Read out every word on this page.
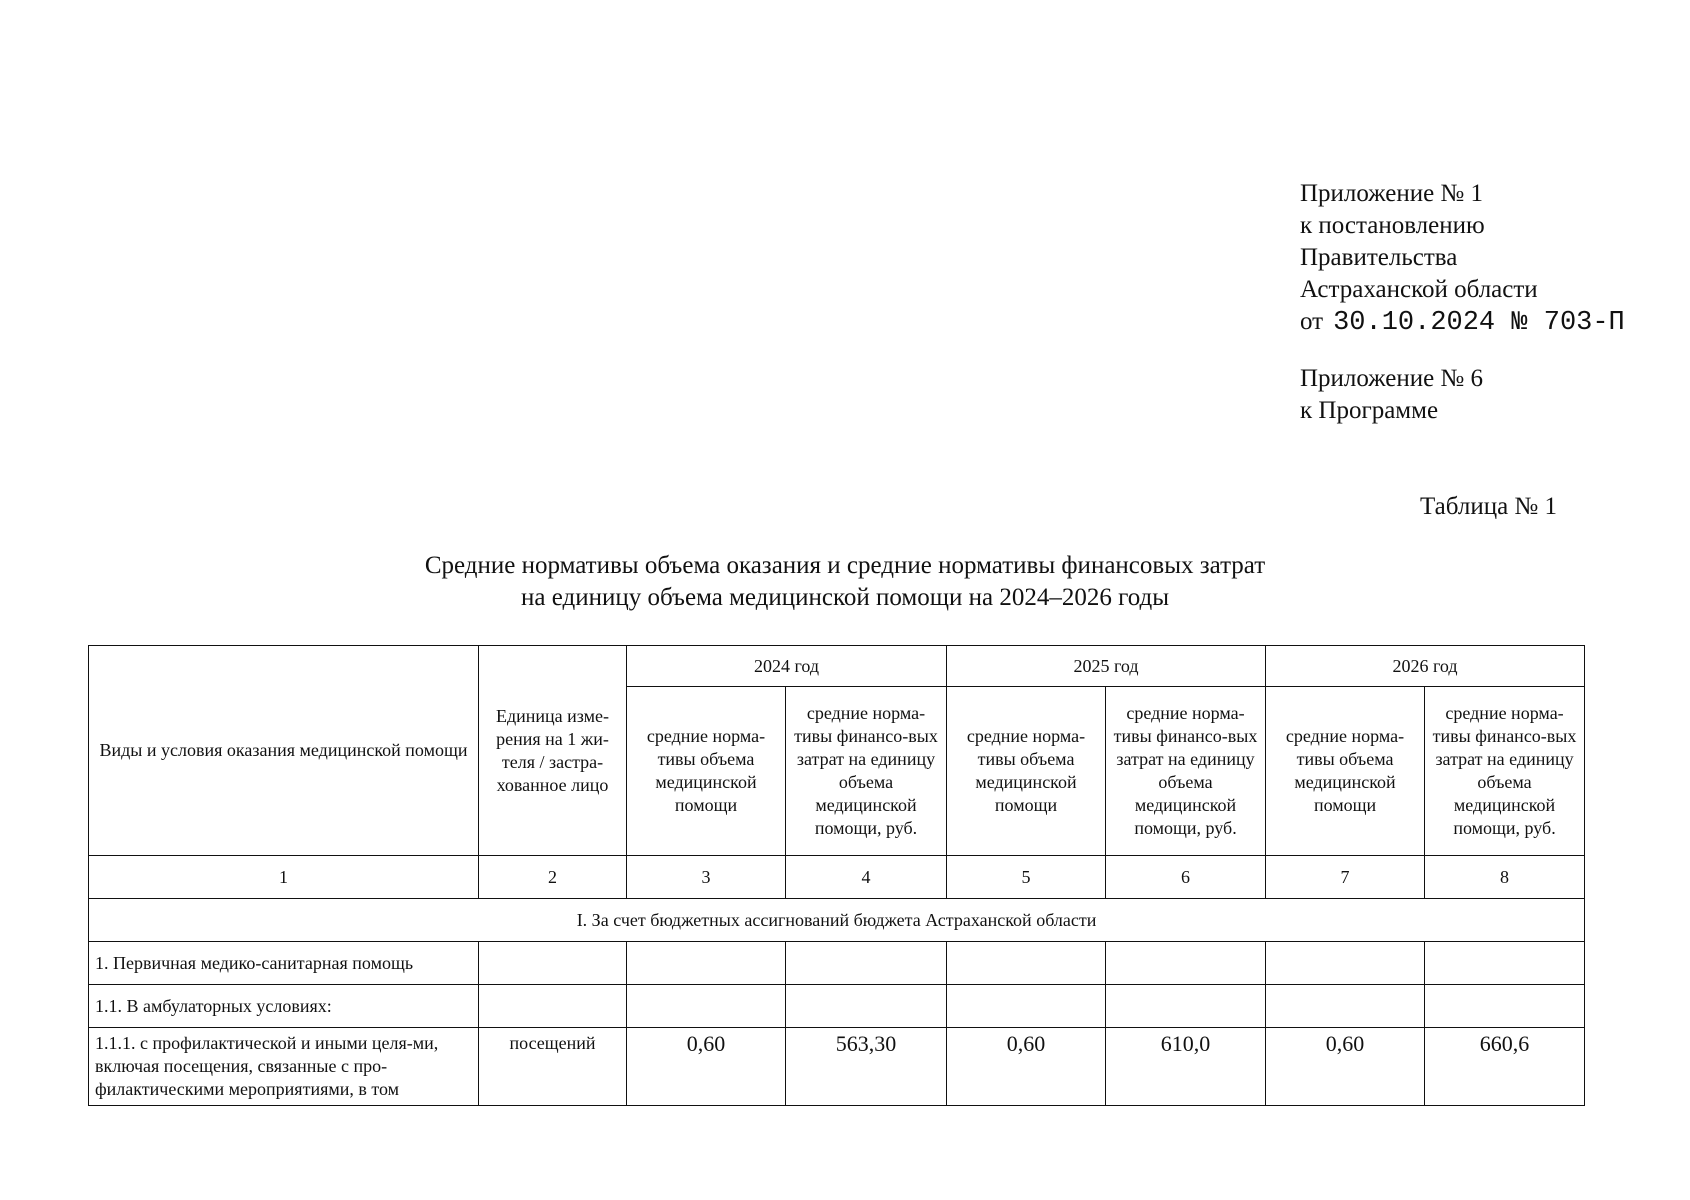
Приложение № 1
к постановлению
Правительства
Астраханской области
от 30.10.2024 № 703-П
Приложение № 6
к Программе
Таблица № 1
Средние нормативы объема оказания и средние нормативы финансовых затрат
на единицу объема медицинской помощи на 2024–2026 годы
Виды и условия оказания медицинской помощи	Единица изме-рения на 1 жи-теля / застра-хованное лицо	2024 год		2025 год		2026 год	
		средние норма-тивы объема медицинской помощи	средние норма-тивы финансо-вых затрат на единицу объема медицинской помощи, руб.	средние норма-тивы объема медицинской помощи	средние норма-тивы финансо-вых затрат на единицу объема медицинской помощи, руб.	средние норма-тивы объема медицинской помощи	средние норма-тивы финансо-вых затрат на единицу объема медицинской помощи, руб.
1	2	3	4	5	6	7	8
I. За счет бюджетных ассигнований бюджета Астраханской области							
1. Первичная медико-санитарная помощь							
1.1. В амбулаторных условиях:							
1.1.1. с профилактической и иными целя-ми, включая посещения, связанные с про-филактическими мероприятиями, в том	посещений	0,60	563,30	0,60	610,0	0,60	660,6
